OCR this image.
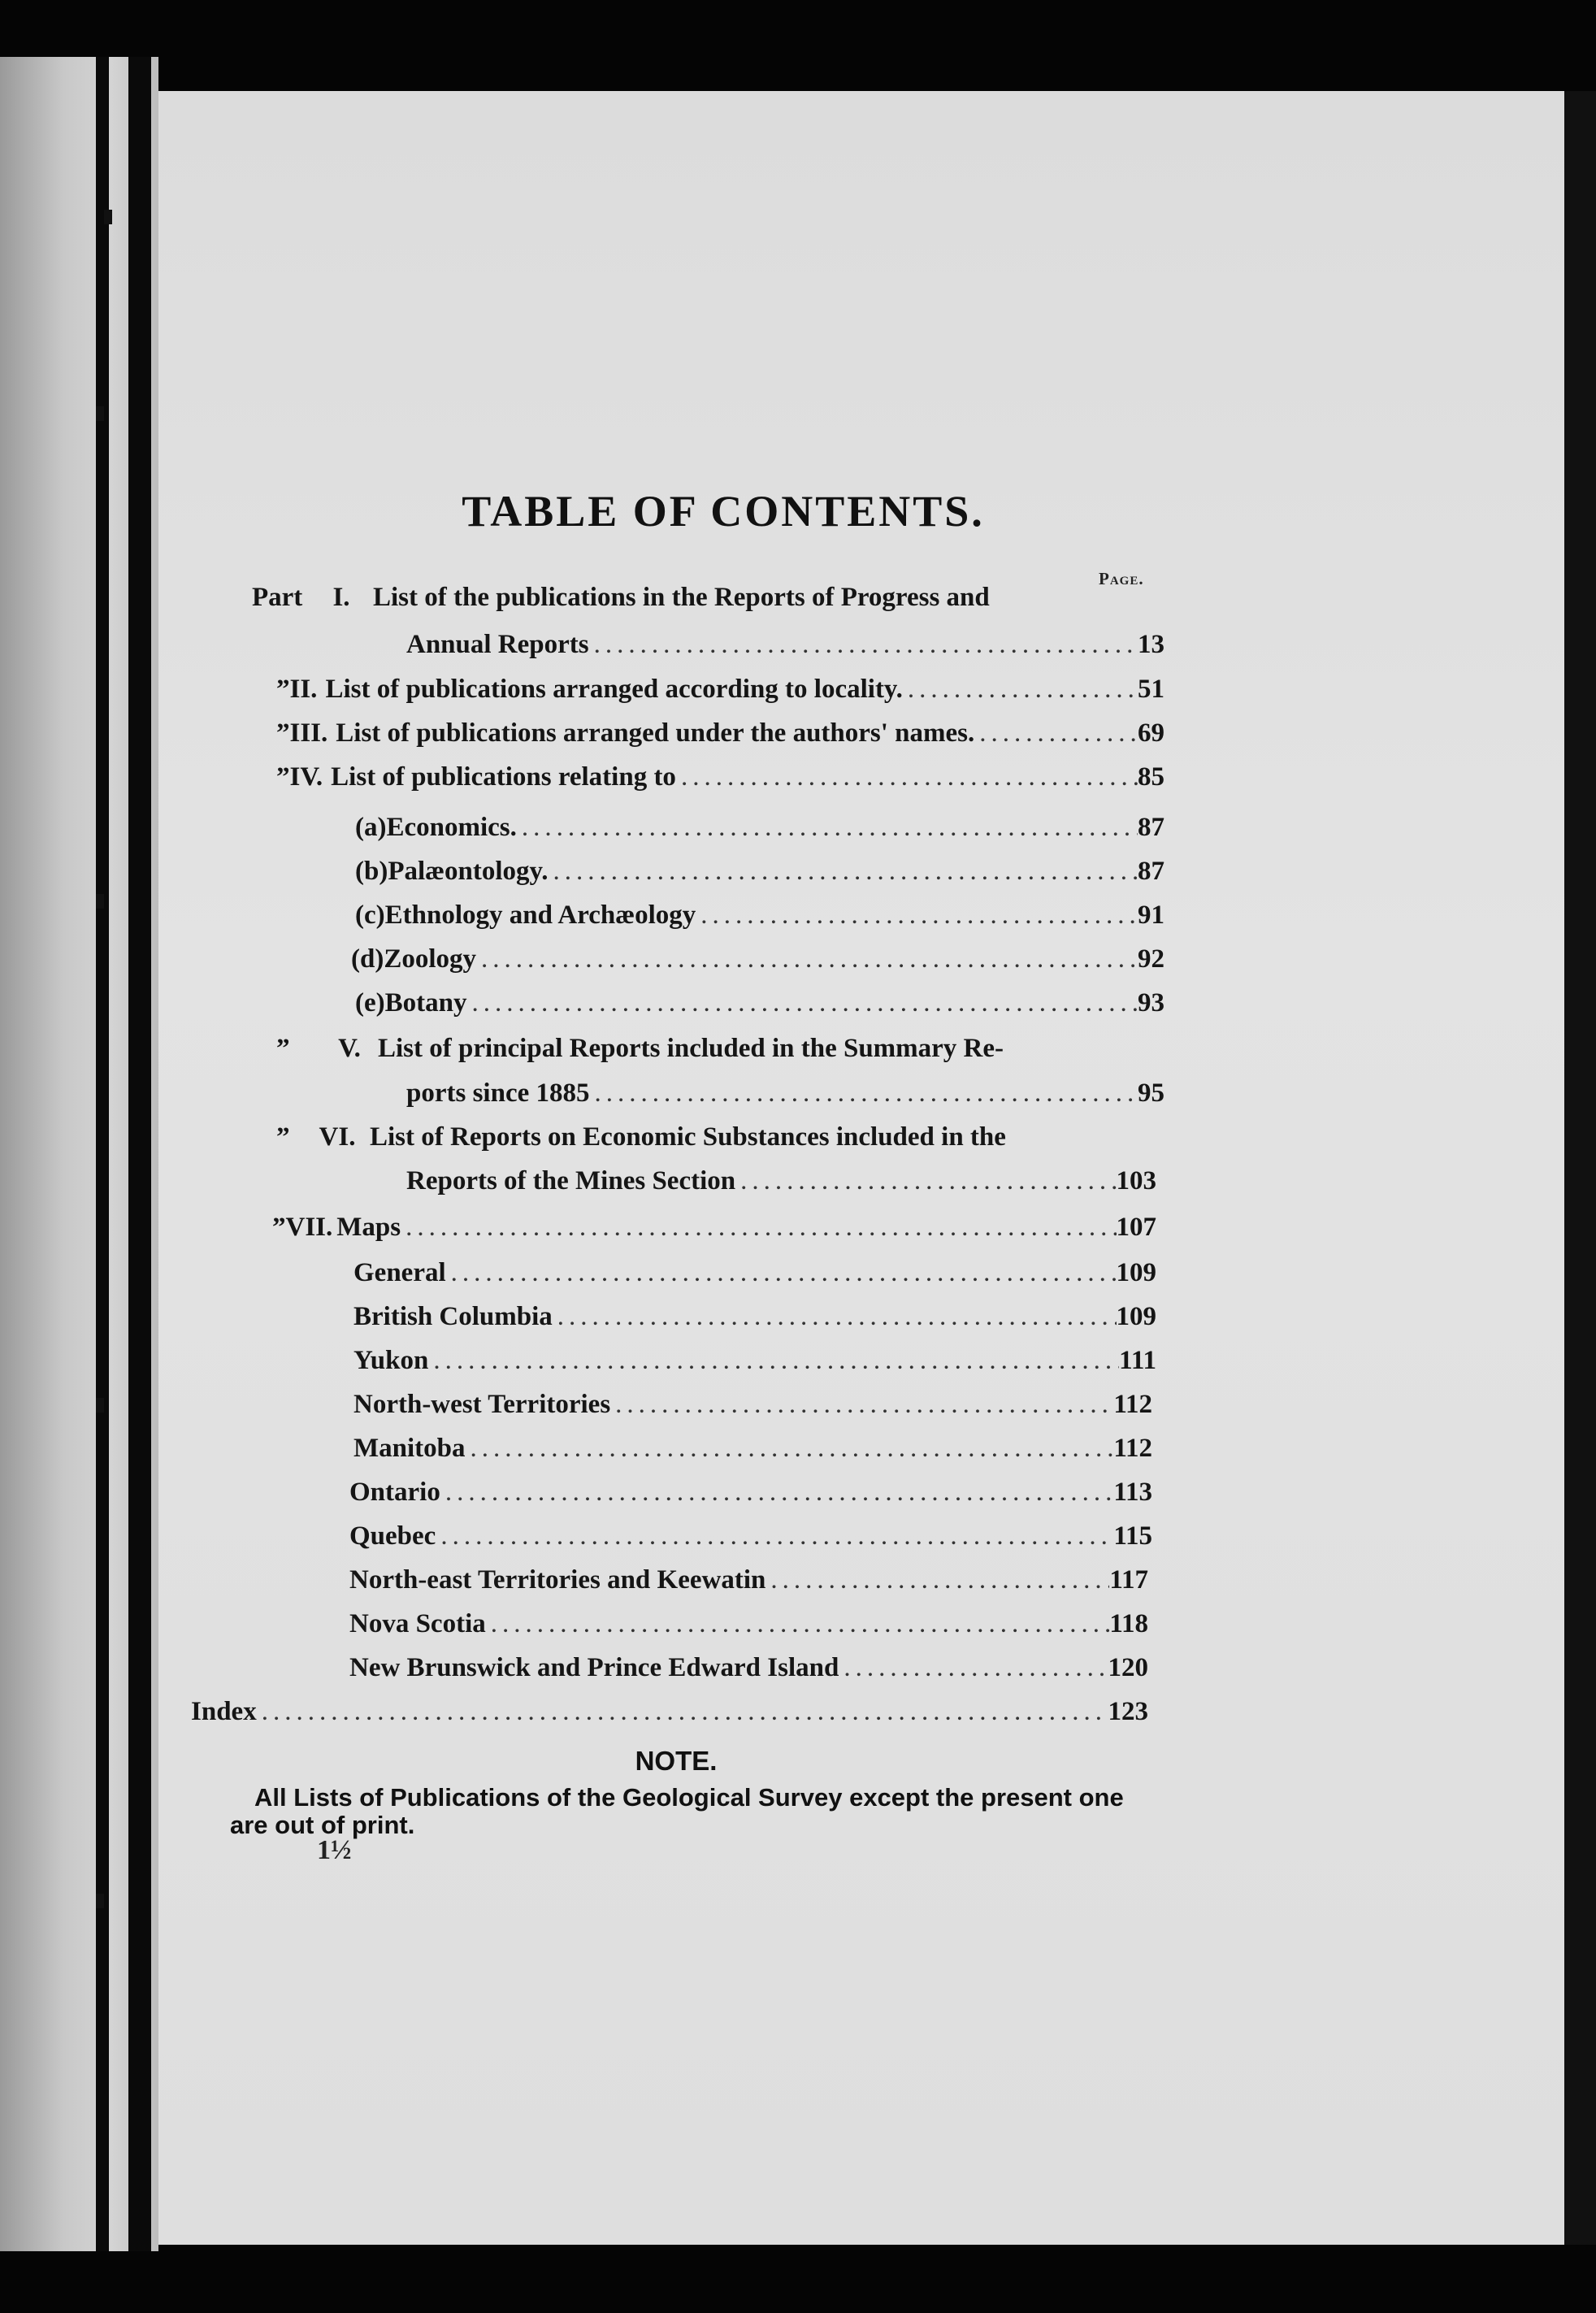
TABLE OF CONTENTS.
Page.
Part	I. List of the publications in the Reports of Progress and
Annual Reports .....	13
” II. List of publications arranged according to locality. .....	51
” III. List of publications arranged under the authors' names. .....	69
” IV. List of publications relating to .....	85
(a) Economics. .....	87
(b) Palæontology. .....	87
(c) Ethnology and Archæology .....	91
(d) Zoology .....	92
(e) Botany .....	93
”	V. List of principal Reports included in the Summary Re-
ports since 1885 .....	95
”	VI. List of Reports on Economic Substances included in the
Reports of the Mines Section .....	103
” VII. Maps .....	107
General .....	109
British Columbia .....	109
Yukon .....	111
North-west Territories .....	112
Manitoba .....	112
Ontario .....	113
Quebec .....	115
North-east Territories and Keewatin .....	117
Nova Scotia .....	118
New Brunswick and Prince Edward Island .....	120
Index .....	123
NOTE.
All Lists of Publications of the Geological Survey except the present one are out of print.
1½
